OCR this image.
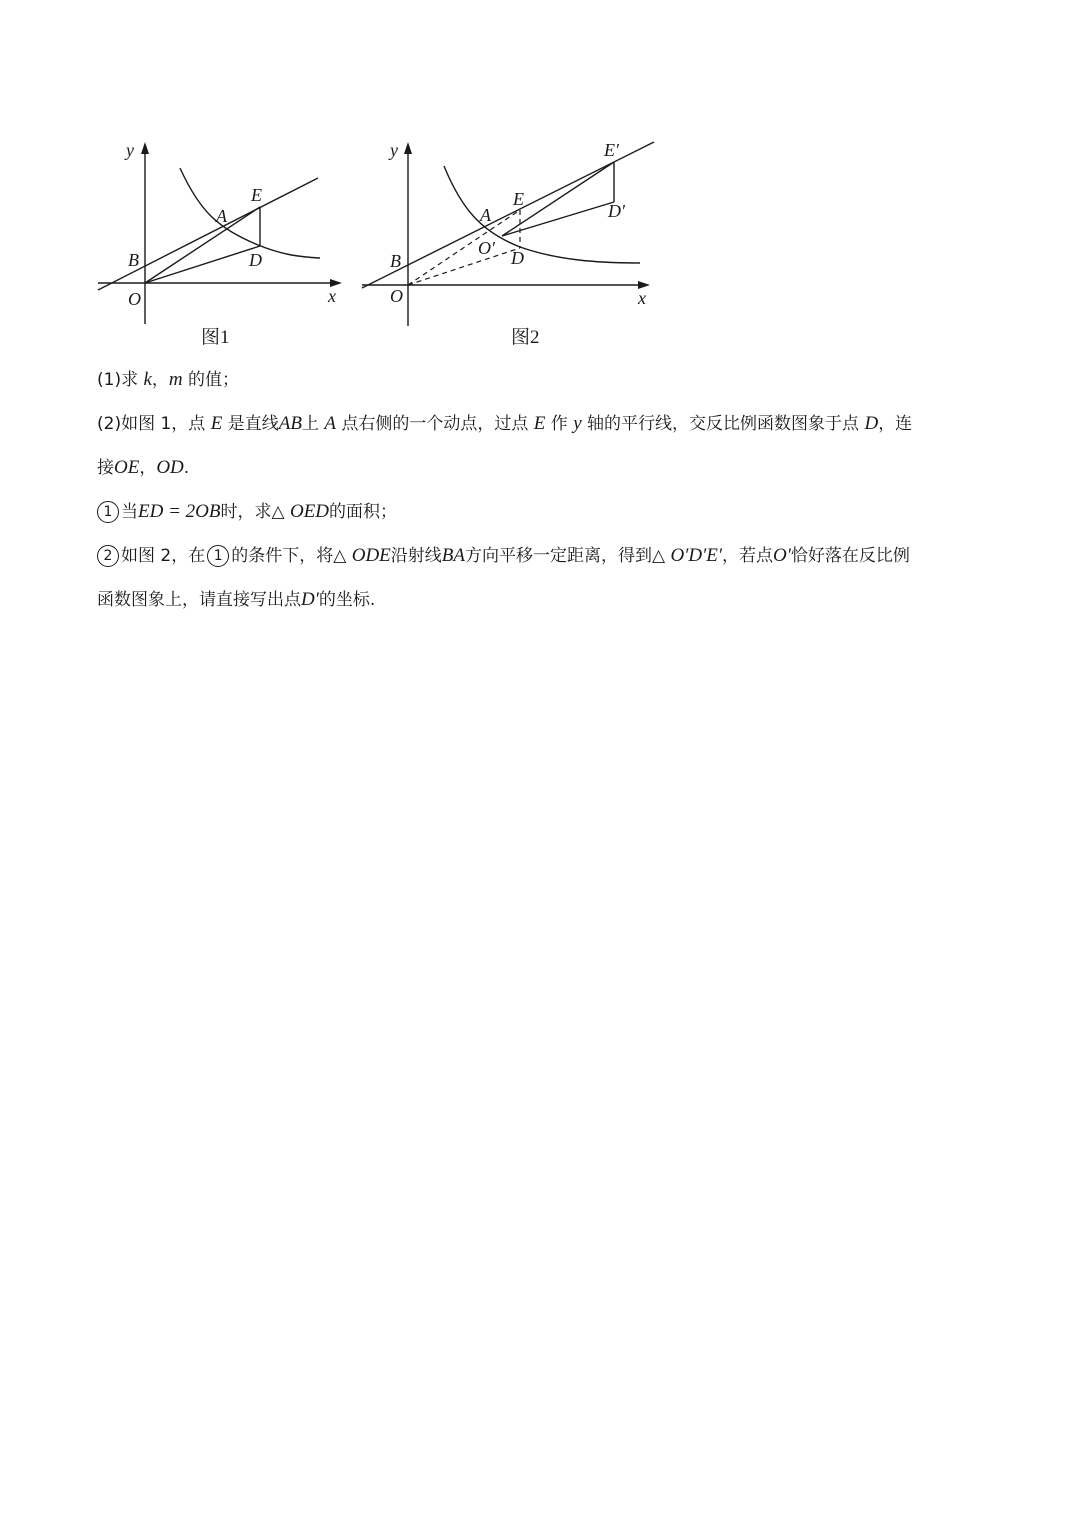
y
x
O
B
A
E
D
图1
y
x
O
B
A
E
D
O′
E′
D′
图2
(1)求 k，m 的值；
(2)如图 1，点 E 是直线AB上 A 点右侧的一个动点，过点 E 作 y 轴的平行线，交反比例函数图象于点 D，连
接OE，OD.
1 当ED = 2OB时，求△ OED的面积；
2 如图 2，在 1 的条件下，将△ ODE沿射线BA方向平移一定距离，得到△ O′D′E′，若点O′恰好落在反比例
函数图象上，请直接写出点D′的坐标.
